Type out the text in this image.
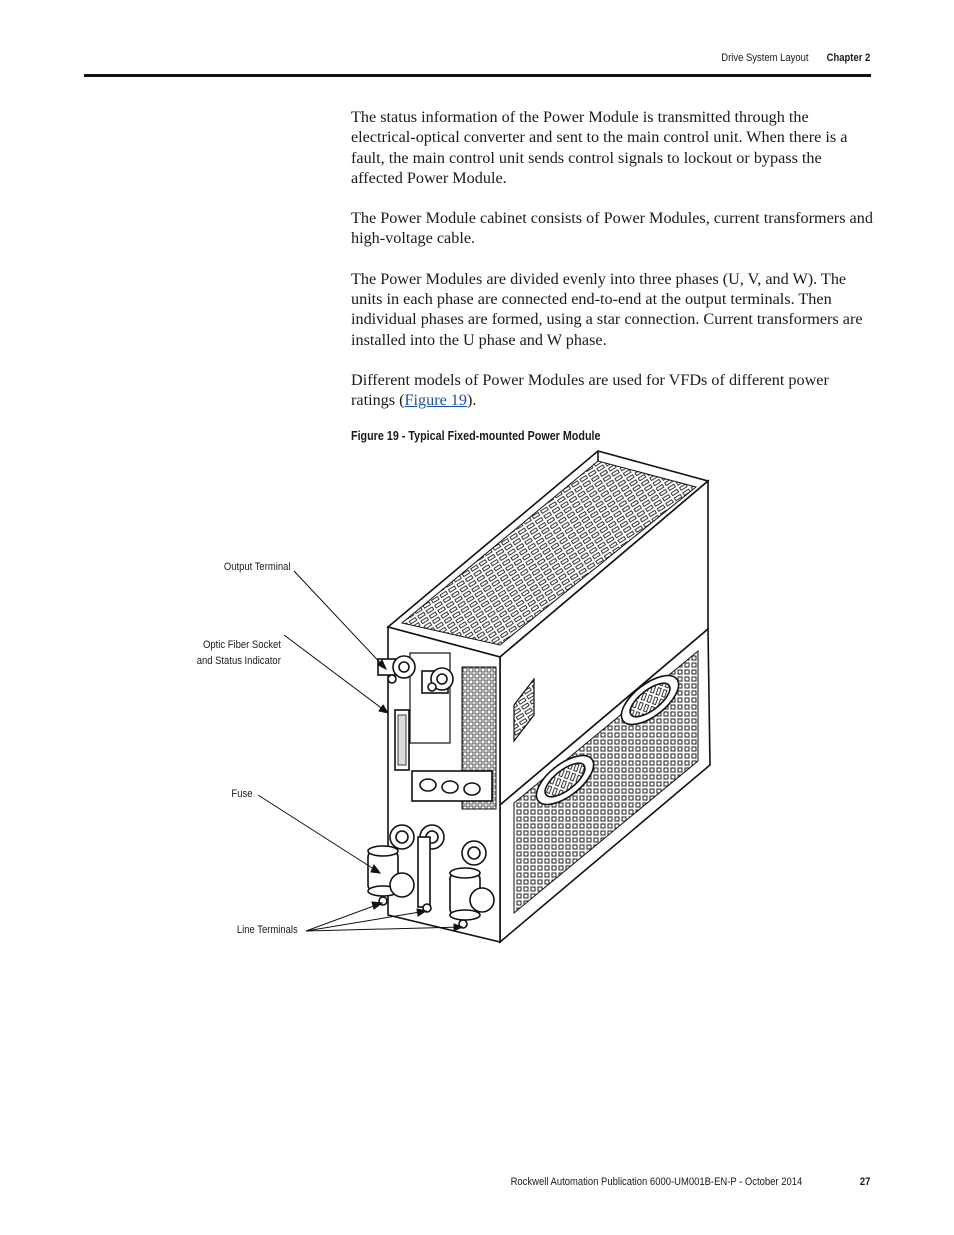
Drive System Layout Chapter 2

The status information of the Power Module is transmitted through the electrical-optical converter and sent to the main control unit. When there is a fault, the main control unit sends control signals to lockout or bypass the affected Power Module.

The Power Module cabinet consists of Power Modules, current transformers and high-voltage cable.

The Power Modules are divided evenly into three phases (U, V, and W). The units in each phase are connected end-to-end at the output terminals. Then individual phases are formed, using a star connection. Current transformers are installed into the U phase and W phase.

Different models of Power Modules are used for VFDs of different power ratings (Figure 19).

Figure 19 - Typical Fixed-mounted Power Module
Output Terminal
Optic Fiber Socket
and Status Indicator
Fuse
Line Terminals
Rockwell Automation Publication 6000-UM001B-EN-P - October 2014	27
